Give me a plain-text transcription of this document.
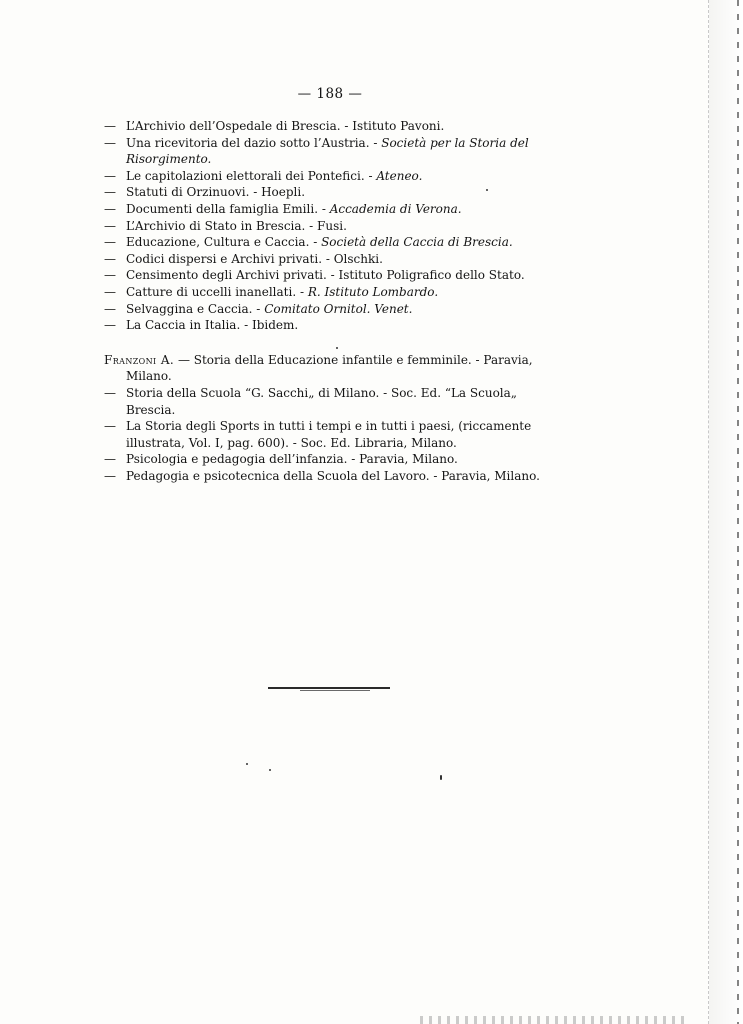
— 188 —

— L’Archivio dell’Ospedale di Brescia. - Istituto Pavoni.

— Una ricevitoria del dazio sotto l’Austria. - Società per la Storia del Risorgimento.

— Le capitolazioni elettorali dei Pontefici. - Ateneo.

— Statuti di Orzinuovi. - Hoepli.

— Documenti della famiglia Emili. - Accademia di Verona.

— L’Archivio di Stato in Brescia. - Fusi.

— Educazione, Cultura e Caccia. - Società della Caccia di Brescia.

— Codici dispersi e Archivi privati. - Olschki.

— Censimento degli Archivi privati. - Istituto Poligrafico dello Stato.

— Catture di uccelli inanellati. - R. Istituto Lombardo.

— Selvaggina e Caccia. - Comitato Ornitol. Venet.

— La Caccia in Italia. - Ibidem.

Franzoni A. — Storia della Educazione infantile e femminile. - Paravia, Milano.

— Storia della Scuola “G. Sacchi„ di Milano. - Soc. Ed. “La Scuola„ Brescia.

— La Storia degli Sports in tutti i tempi e in tutti i paesi, (riccamente illustrata, Vol. I, pag. 600). - Soc. Ed. Libraria, Milano.

— Psicologia e pedagogia dell’infanzia. - Paravia, Milano.

— Pedagogia e psicotecnica della Scuola del Lavoro. - Paravia, Milano.
